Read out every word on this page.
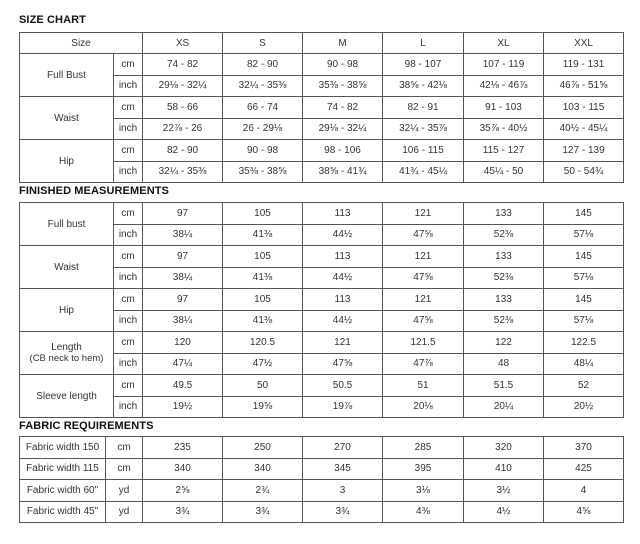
SIZE CHART
Size		XS	S	M	L	XL	XXL
Full Bust	cm	74 - 82	82 - 90	90 - 98	98 - 107	107 - 119	119 - 131
	inch	29⅛ - 32¼	32¼ - 35⅜	35⅜ - 38⅝	38⅝ - 42⅛	42⅛ - 46⅞	46⅞ - 51⅝
Waist	cm	58 - 66	66 - 74	74 - 82	82 - 91	91 - 103	103 - 115
	inch	22⅞ - 26	26 - 29⅛	29⅛ - 32¼	32¼ - 35⅞	35⅞ - 40½	40½ - 45¼
Hip	cm	82 - 90	90 - 98	98 - 106	106 - 115	115 - 127	127 - 139
	inch	32¼ - 35⅜	35⅜ - 38⅝	38⅝ - 41¾	41¾ - 45¼	45¼ - 50	50 - 54¾
FINISHED MEASUREMENTS
Full bust	cm	97	105	113	121	133	145
	inch	38¼	41⅜	44½	47⅝	52⅜	57⅛
Waist	cm	97	105	113	121	133	145
	inch	38¼	41⅜	44½	47⅝	52⅜	57⅛
Hip	cm	97	105	113	121	133	145
	inch	38¼	41⅜	44½	47⅝	52⅜	57⅛

Length
(CB neck to hem)	cm	120	120.5	121	121.5	122	122.5
	inch	47¼	47½	47⅝	47⅞	48	48¼
Sleeve length	cm	49.5	50	50.5	51	51.5	52
	inch	19½	19⅝	19⅞	20⅛	20¼	20½
FABRIC REQUIREMENTS
Fabric width 150	cm	235	250	270	285	320	370
Fabric width 115	cm	340	340	345	395	410	425
Fabric width 60"	yd	2⅝	2¾	3	3⅛	3½	4
Fabric width 45"	yd	3¾	3¾	3¾	4⅜	4½	4⅝
